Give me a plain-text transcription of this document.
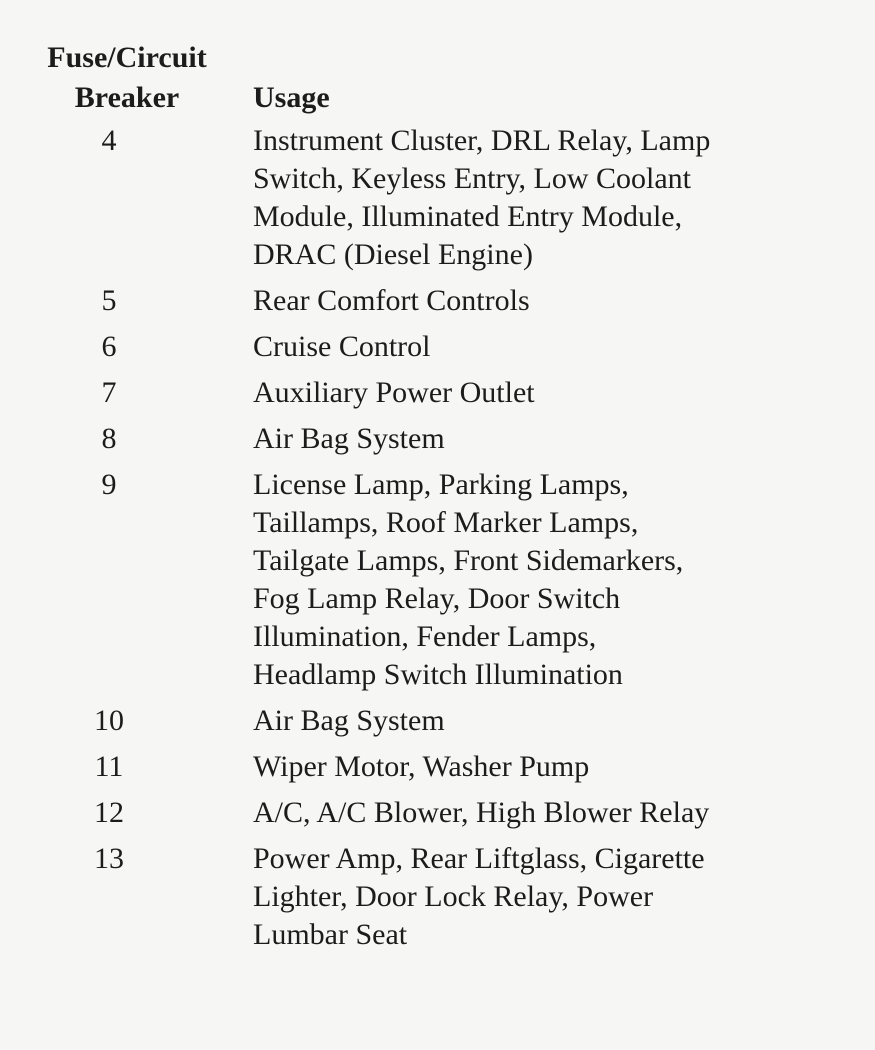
Fuse/Circuit
Breaker	Usage
4	Instrument Cluster, DRL Relay, Lamp
Switch, Keyless Entry, Low Coolant
Module, Illuminated Entry Module,
DRAC (Diesel Engine)
5	Rear Comfort Controls
6	Cruise Control
7	Auxiliary Power Outlet
8	Air Bag System
9	License Lamp, Parking Lamps,
Taillamps, Roof Marker Lamps,
Tailgate Lamps, Front Sidemarkers,
Fog Lamp Relay, Door Switch
Illumination, Fender Lamps,
Headlamp Switch Illumination
10	Air Bag System
11	Wiper Motor, Washer Pump
12	A/C, A/C Blower, High Blower Relay
13	Power Amp, Rear Liftglass, Cigarette
Lighter, Door Lock Relay, Power
Lumbar Seat
